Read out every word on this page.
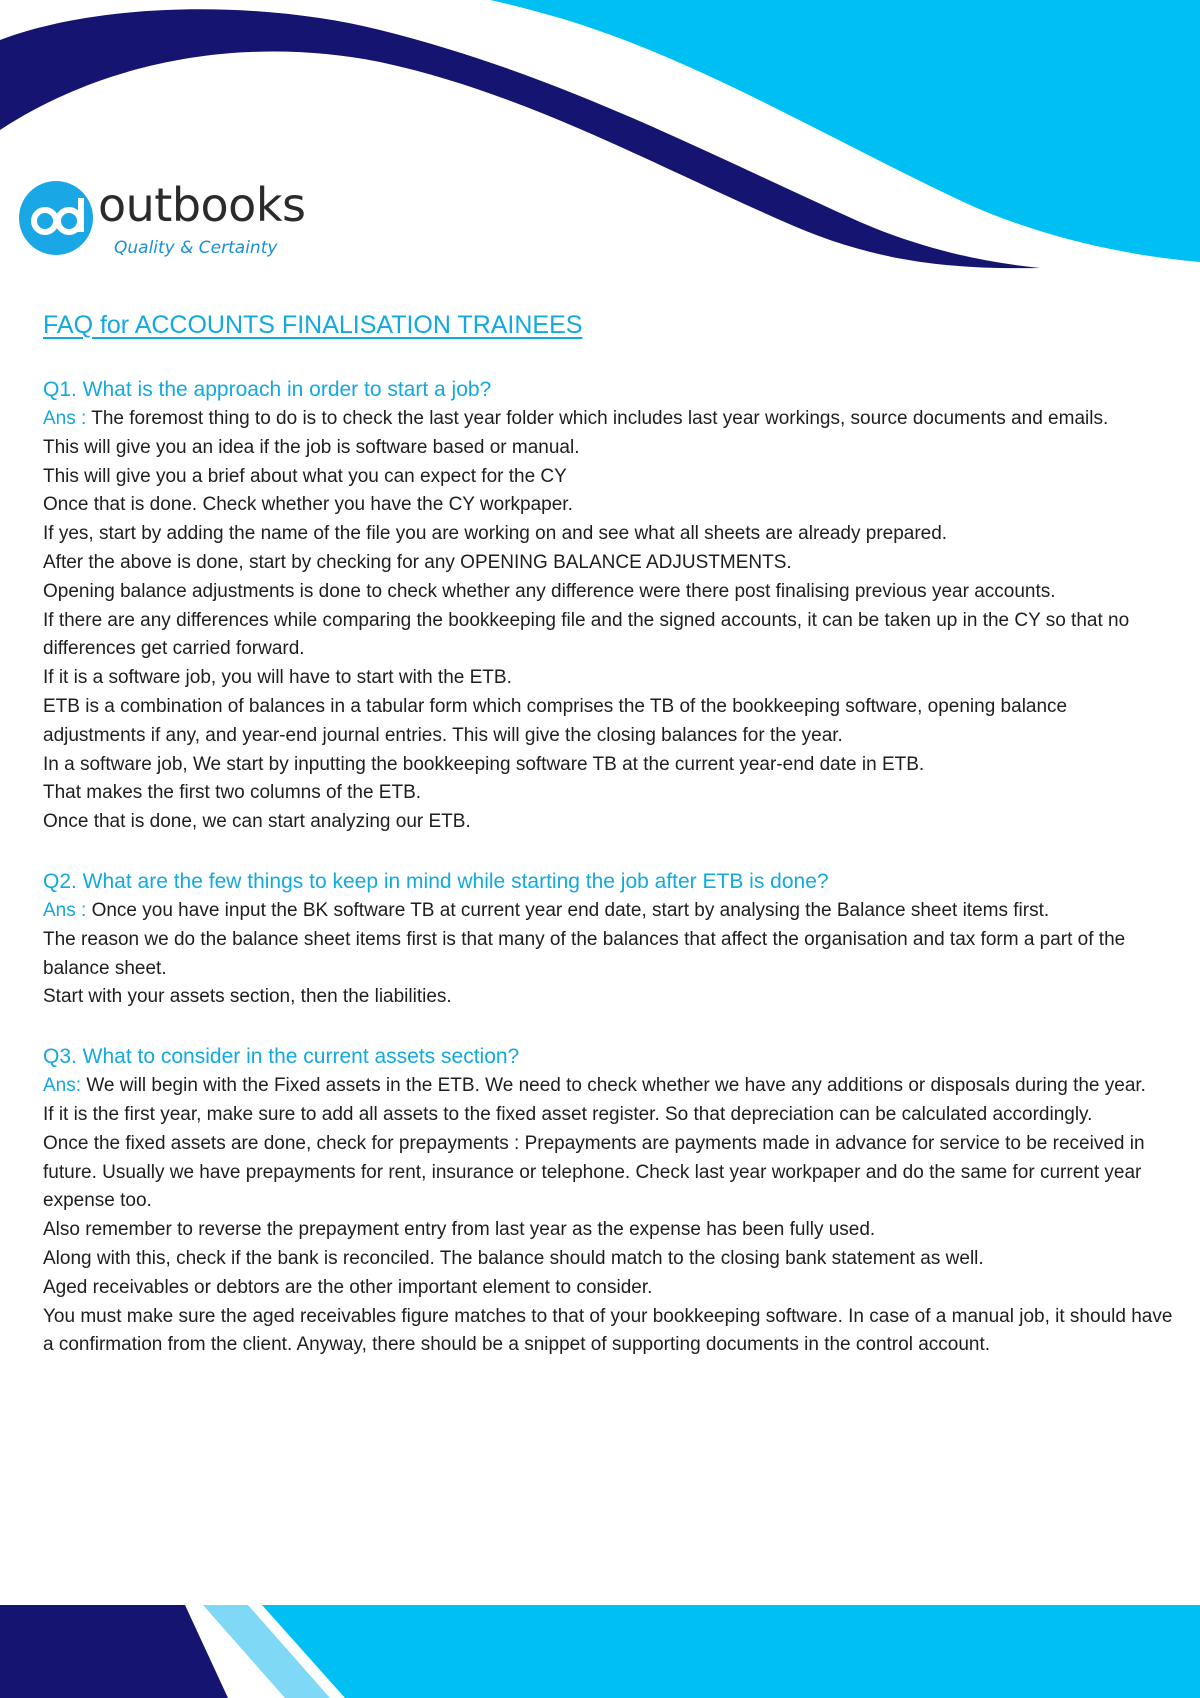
outbooks
Quality & Certainty
FAQ for ACCOUNTS FINALISATION TRAINEES
Q1. What is the approach in order to start a job?

Ans : The foremost thing to do is to check the last year folder which includes last year workings, source documents and emails.

This will give you an idea if the job is software based or manual.

This will give you a brief about what you can expect for the CY

Once that is done. Check whether you have the CY workpaper.

If yes, start by adding the name of the file you are working on and see what all sheets are already prepared.

After the above is done, start by checking for any OPENING BALANCE ADJUSTMENTS.

Opening balance adjustments is done to check whether any difference were there post finalising previous year accounts.

If there are any differences while comparing the bookkeeping file and the signed accounts, it can be taken up in the CY so that no differences get carried forward.

If it is a software job, you will have to start with the ETB.

ETB is a combination of balances in a tabular form which comprises the TB of the bookkeeping software, opening balance adjustments if any, and year-end journal entries. This will give the closing balances for the year.

In a software job, We start by inputting the bookkeeping software TB at the current year-end date in ETB.

That makes the first two columns of the ETB.

Once that is done, we can start analyzing our ETB.

Q2. What are the few things to keep in mind while starting the job after ETB is done?

Ans : Once you have input the BK software TB at current year end date, start by analysing the Balance sheet items first.

The reason we do the balance sheet items first is that many of the balances that affect the organisation and tax form a part of the balance sheet.

Start with your assets section, then the liabilities.

Q3. What to consider in the current assets section?

Ans: We will begin with the Fixed assets in the ETB. We need to check whether we have any additions or disposals during the year.

If it is the first year, make sure to add all assets to the fixed asset register. So that depreciation can be calculated accordingly.

Once the fixed assets are done, check for prepayments : Prepayments are payments made in advance for service to be received in future. Usually we have prepayments for rent, insurance or telephone. Check last year workpaper and do the same for current year expense too.

Also remember to reverse the prepayment entry from last year as the expense has been fully used.

Along with this, check if the bank is reconciled. The balance should match to the closing bank statement as well.

Aged receivables or debtors are the other important element to consider.

You must make sure the aged receivables figure matches to that of your bookkeeping software. In case of a manual job, it should have a confirmation from the client. Anyway, there should be a snippet of supporting documents in the control account.
